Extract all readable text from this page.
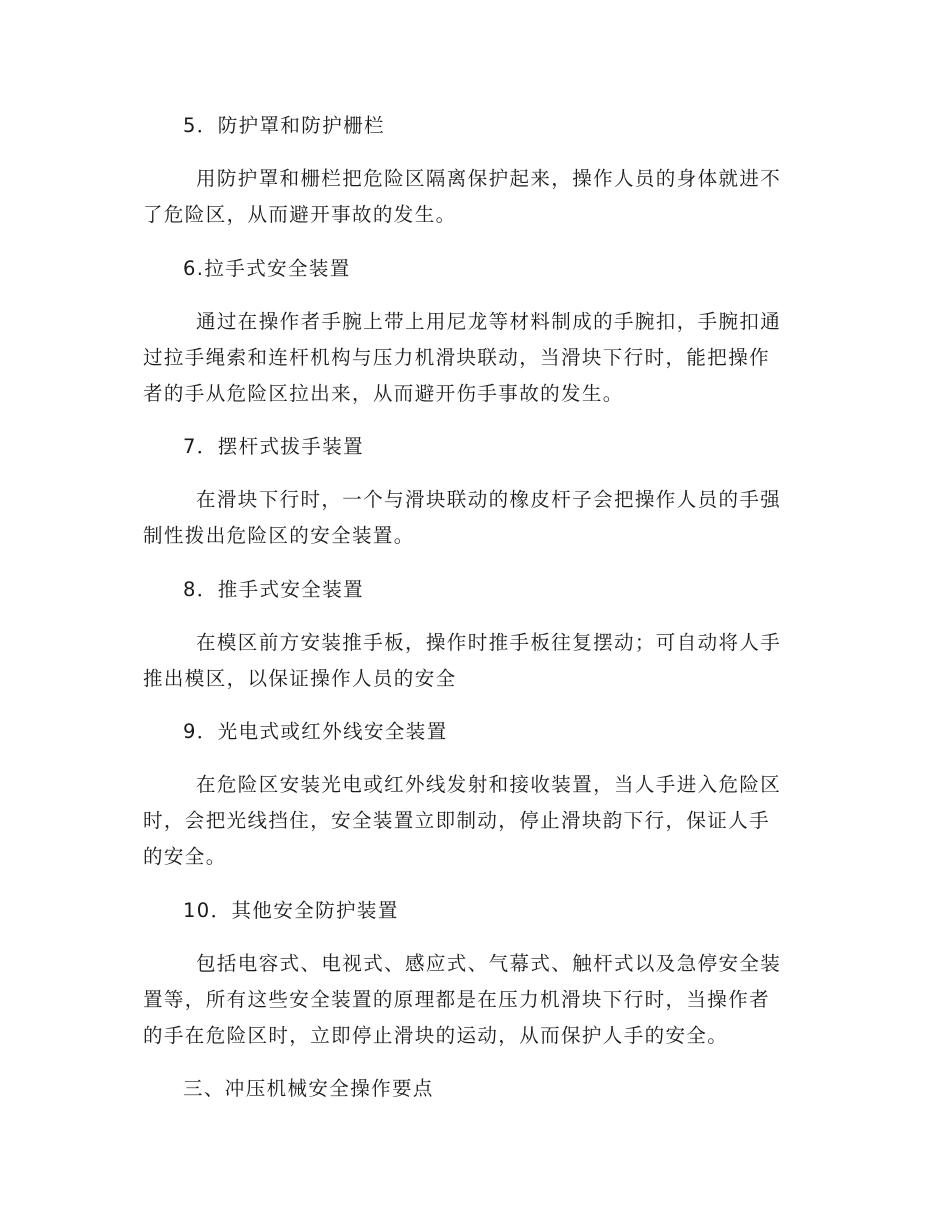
5．防护罩和防护栅栏
用防护罩和栅栏把危险区隔离保护起来，操作人员的身体就进不
了危险区，从而避开事故的发生。
6.拉手式安全装置
通过在操作者手腕上带上用尼龙等材料制成的手腕扣，手腕扣通
过拉手绳索和连杆机构与压力机滑块联动，当滑块下行时，能把操作
者的手从危险区拉出来，从而避开伤手事故的发生。
7．摆杆式拔手装置
在滑块下行时，一个与滑块联动的橡皮杆子会把操作人员的手强
制性拨出危险区的安全装置。
8．推手式安全装置
在模区前方安装推手板，操作时推手板往复摆动；可自动将人手
推出模区，以保证操作人员的安全
9．光电式或红外线安全装置
在危险区安装光电或红外线发射和接收装置，当人手进入危险区
时，会把光线挡住，安全装置立即制动，停止滑块韵下行，保证人手
的安全。
10．其他安全防护装置
包括电容式、电视式、感应式、气幕式、触杆式以及急停安全装
置等，所有这些安全装置的原理都是在压力机滑块下行时，当操作者
的手在危险区时，立即停止滑块的运动，从而保护人手的安全。
三、冲压机械安全操作要点
